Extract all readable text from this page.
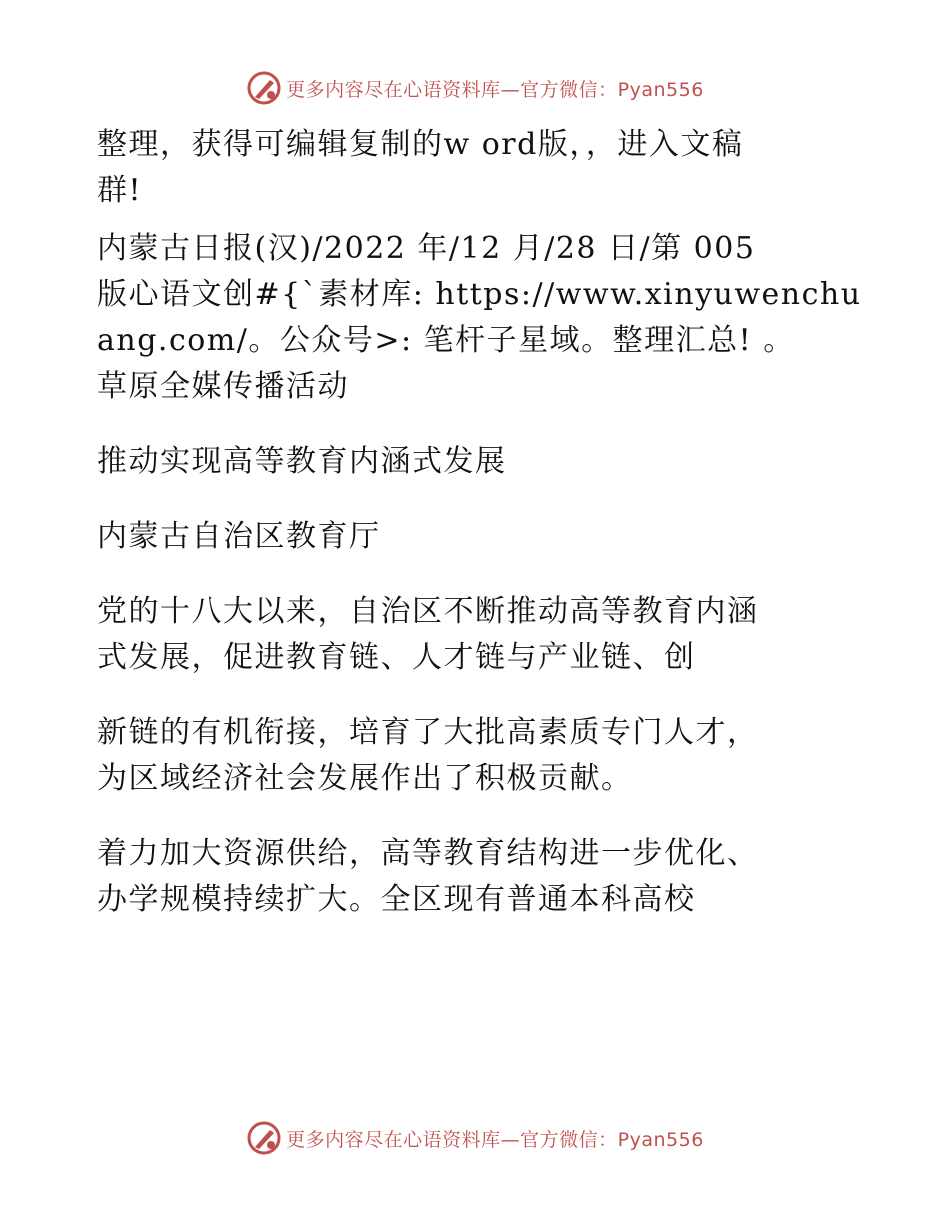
更多内容尽在心语资料库—官方微信：Pyan556

整理，获得可编辑复制的w ord版，，进入文稿
群!

内蒙古日报(汉)/2022 年/12 月/28 日/第 005
版心语文创#{`素材库: https://www.xinyuwenchu
ang.com/。公众号>: 笔杆子星域。整理汇总! 。
草原全媒传播活动

推动实现高等教育内涵式发展

内蒙古自治区教育厅

党的十八大以来，自治区不断推动高等教育内涵
式发展，促进教育链、人才链与产业链、创

新链的有机衔接，培育了大批高素质专门人才，
为区域经济社会发展作出了积极贡献。

着力加大资源供给，高等教育结构进一步优化、
办学规模持续扩大。全区现有普通本科高校

更多内容尽在心语资料库—官方微信：Pyan556
